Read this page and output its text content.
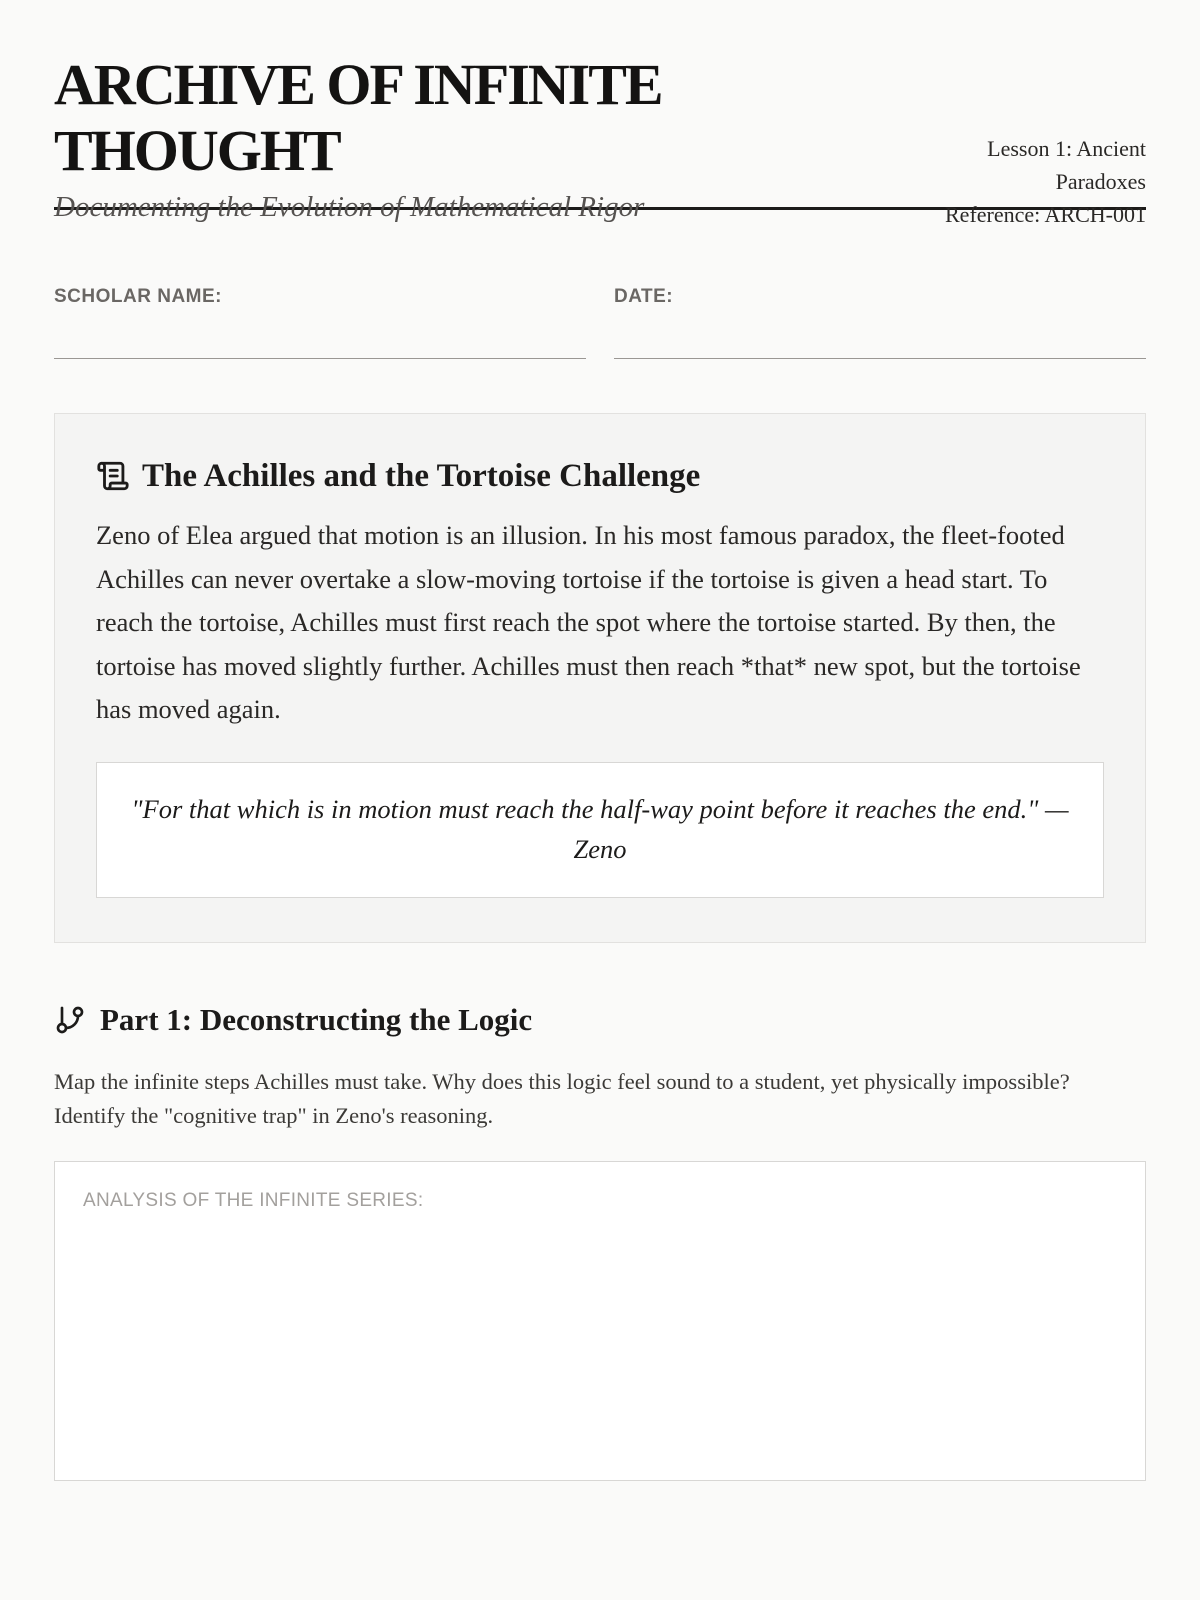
ARCHIVE OF INFINITE THOUGHT

Documenting the Evolution of Mathematical Rigor

Lesson 1: Ancient Paradoxes
Reference: ARCH-001
SCHOLAR NAME:	DATE:
The Achilles and the Tortoise Challenge

Zeno of Elea argued that motion is an illusion. In his most famous paradox, the fleet-footed Achilles can never overtake a slow-moving tortoise if the tortoise is given a head start. To reach the tortoise, Achilles must first reach the spot where the tortoise started. By then, the tortoise has moved slightly further. Achilles must then reach *that* new spot, but the tortoise has moved again.

"For that which is in motion must reach the half-way point before it reaches the end." — Zeno
Part 1: Deconstructing the Logic

Map the infinite steps Achilles must take. Why does this logic feel sound to a student, yet physically impossible? Identify the "cognitive trap" in Zeno's reasoning.

ANALYSIS OF THE INFINITE SERIES:
